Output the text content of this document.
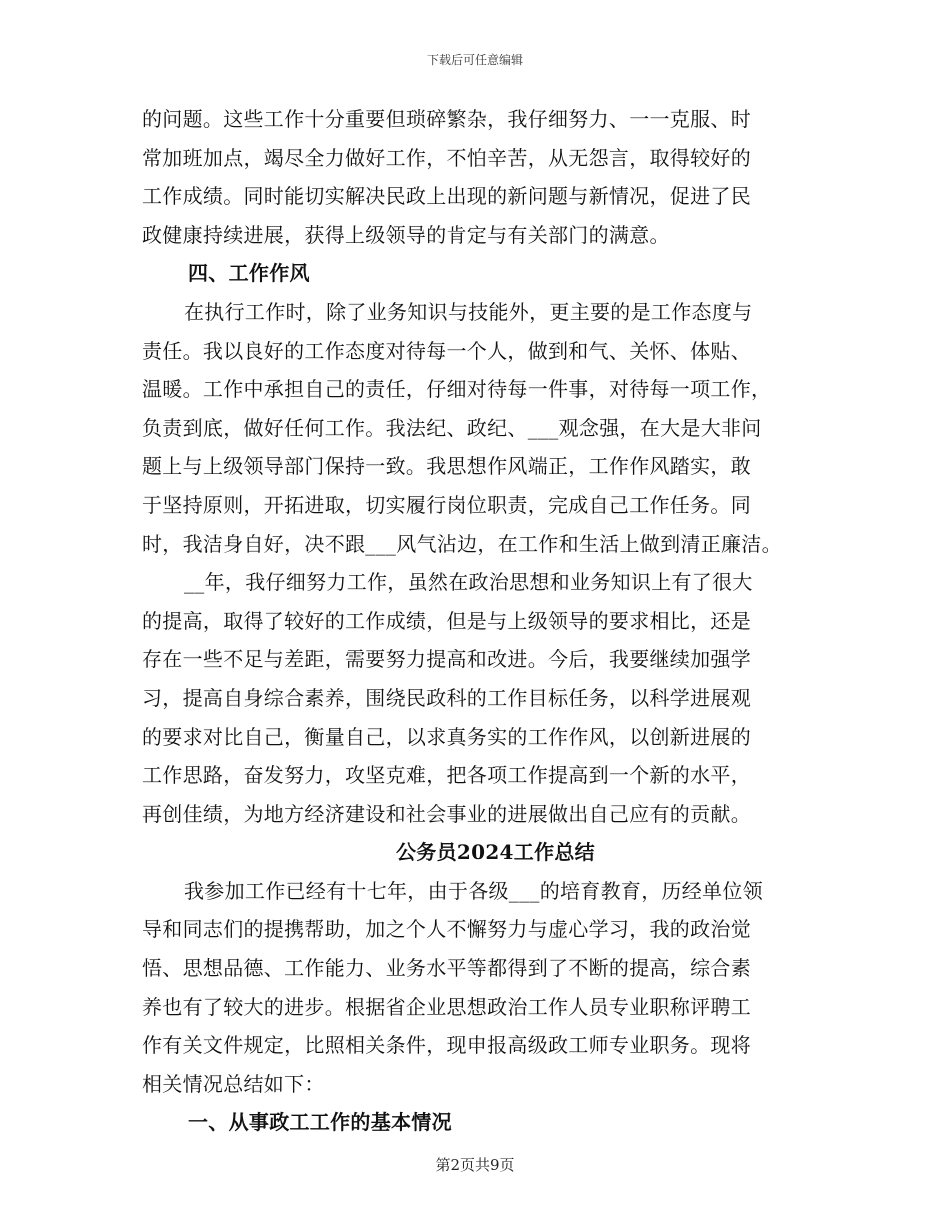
下载后可任意编辑
的问题。这些工作十分重要但琐碎繁杂，我仔细努力、一一克服、时
常加班加点，竭尽全力做好工作，不怕辛苦，从无怨言，取得较好的
工作成绩。同时能切实解决民政上出现的新问题与新情况，促进了民
政健康持续进展，获得上级领导的肯定与有关部门的满意。
四、工作作风
在执行工作时，除了业务知识与技能外，更主要的是工作态度与
责任。我以良好的工作态度对待每一个人，做到和气、关怀、体贴、
温暖。工作中承担自己的责任，仔细对待每一件事，对待每一项工作，
负责到底，做好任何工作。我法纪、政纪、___观念强，在大是大非问
题上与上级领导部门保持一致。我思想作风端正，工作作风踏实，敢
于坚持原则，开拓进取，切实履行岗位职责，完成自己工作任务。同
时，我洁身自好，决不跟___风气沾边，在工作和生活上做到清正廉洁。
__年，我仔细努力工作，虽然在政治思想和业务知识上有了很大
的提高，取得了较好的工作成绩，但是与上级领导的要求相比，还是
存在一些不足与差距，需要努力提高和改进。今后，我要继续加强学
习，提高自身综合素养，围绕民政科的工作目标任务，以科学进展观
的要求对比自己，衡量自己，以求真务实的工作作风，以创新进展的
工作思路，奋发努力，攻坚克难，把各项工作提高到一个新的水平，
再创佳绩，为地方经济建设和社会事业的进展做出自己应有的贡献。
公务员2024工作总结
我参加工作已经有十七年，由于各级___的培育教育，历经单位领
导和同志们的提携帮助，加之个人不懈努力与虚心学习，我的政治觉
悟、思想品德、工作能力、业务水平等都得到了不断的提高，综合素
养也有了较大的进步。根据省企业思想政治工作人员专业职称评聘工
作有关文件规定，比照相关条件，现申报高级政工师专业职务。现将
相关情况总结如下：
一、从事政工工作的基本情况
第2页共9页
